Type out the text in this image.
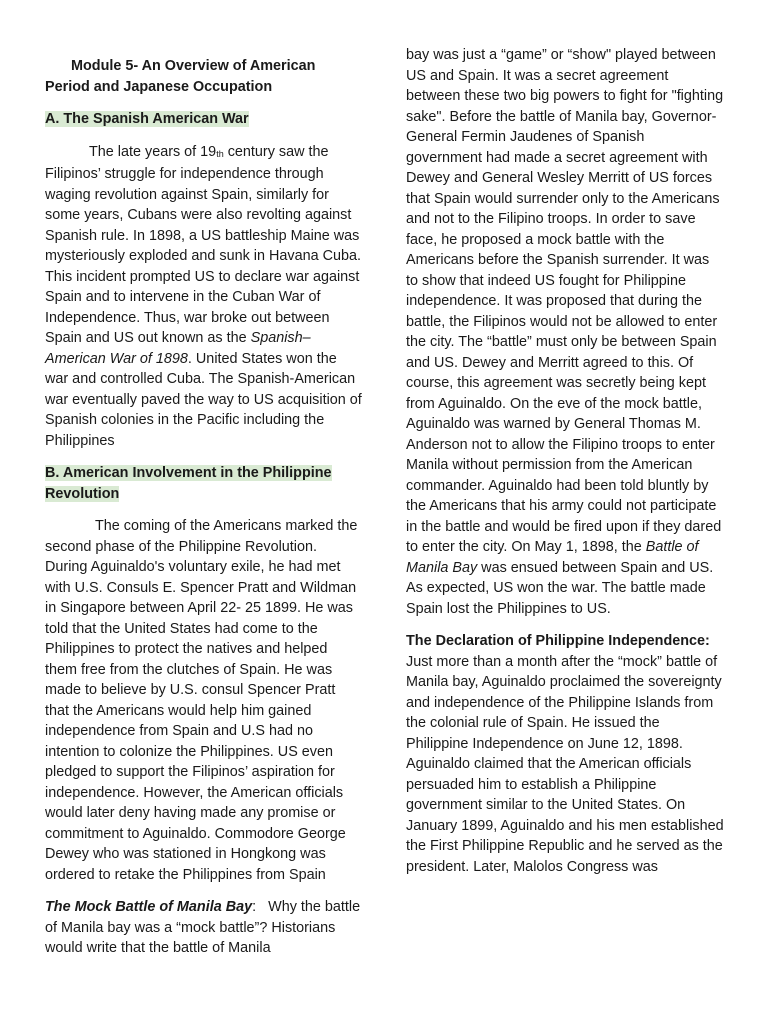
Module 5- An Overview of American Period and Japanese Occupation
A. The Spanish American War

The late years of 19th century saw the Filipinos’ struggle for independence through waging revolution against Spain, similarly for some years, Cubans were also revolting against Spanish rule. In 1898, a US battleship Maine was mysteriously exploded and sunk in Havana Cuba. This incident prompted US to declare war against Spain and to intervene in the Cuban War of Independence. Thus, war broke out between Spain and US out known as the Spanish–American War of 1898. United States won the war and controlled Cuba. The Spanish-American war eventually paved the way to US acquisition of Spanish colonies in the Pacific including the Philippines

B. American Involvement in the Philippine Revolution

The coming of the Americans marked the second phase of the Philippine Revolution. During Aguinaldo's voluntary exile, he had met with U.S. Consuls E. Spencer Pratt and Wildman in Singapore between April 22- 25 1899. He was told that the United States had come to the Philippines to protect the natives and helped them free from the clutches of Spain. He was made to believe by U.S. consul Spencer Pratt that the Americans would help him gained independence from Spain and U.S had no intention to colonize the Philippines. US even pledged to support the Filipinos’ aspiration for independence. However, the American officials would later deny having made any promise or commitment to Aguinaldo. Commodore George Dewey who was stationed in Hongkong was ordered to retake the Philippines from Spain

The Mock Battle of Manila Bay: Why the battle of Manila bay was a “mock battle”? Historians would write that the battle of Manila

bay was just a “game” or “show" played between US and Spain. It was a secret agreement between these two big powers to fight for "fighting sake". Before the battle of Manila bay, Governor-General Fermin Jaudenes of Spanish government had made a secret agreement with Dewey and General Wesley Merritt of US forces that Spain would surrender only to the Americans and not to the Filipino troops. In order to save face, he proposed a mock battle with the Americans before the Spanish surrender. It was to show that indeed US fought for Philippine independence. It was proposed that during the battle, the Filipinos would not be allowed to enter the city. The “battle” must only be between Spain and US. Dewey and Merritt agreed to this. Of course, this agreement was secretly being kept from Aguinaldo. On the eve of the mock battle, Aguinaldo was warned by General Thomas M. Anderson not to allow the Filipino troops to enter Manila without permission from the American commander. Aguinaldo had been told bluntly by the Americans that his army could not participate in the battle and would be fired upon if they dared to enter the city. On May 1, 1898, the Battle of Manila Bay was ensued between Spain and US. As expected, US won the war. The battle made Spain lost the Philippines to US.

The Declaration of Philippine Independence: Just more than a month after the “mock” battle of Manila bay, Aguinaldo proclaimed the sovereignty and independence of the Philippine Islands from the colonial rule of Spain. He issued the Philippine Independence on June 12, 1898. Aguinaldo claimed that the American officials persuaded him to establish a Philippine government similar to the United States. On January 1899, Aguinaldo and his men established the First Philippine Republic and he served as the president. Later, Malolos Congress was
